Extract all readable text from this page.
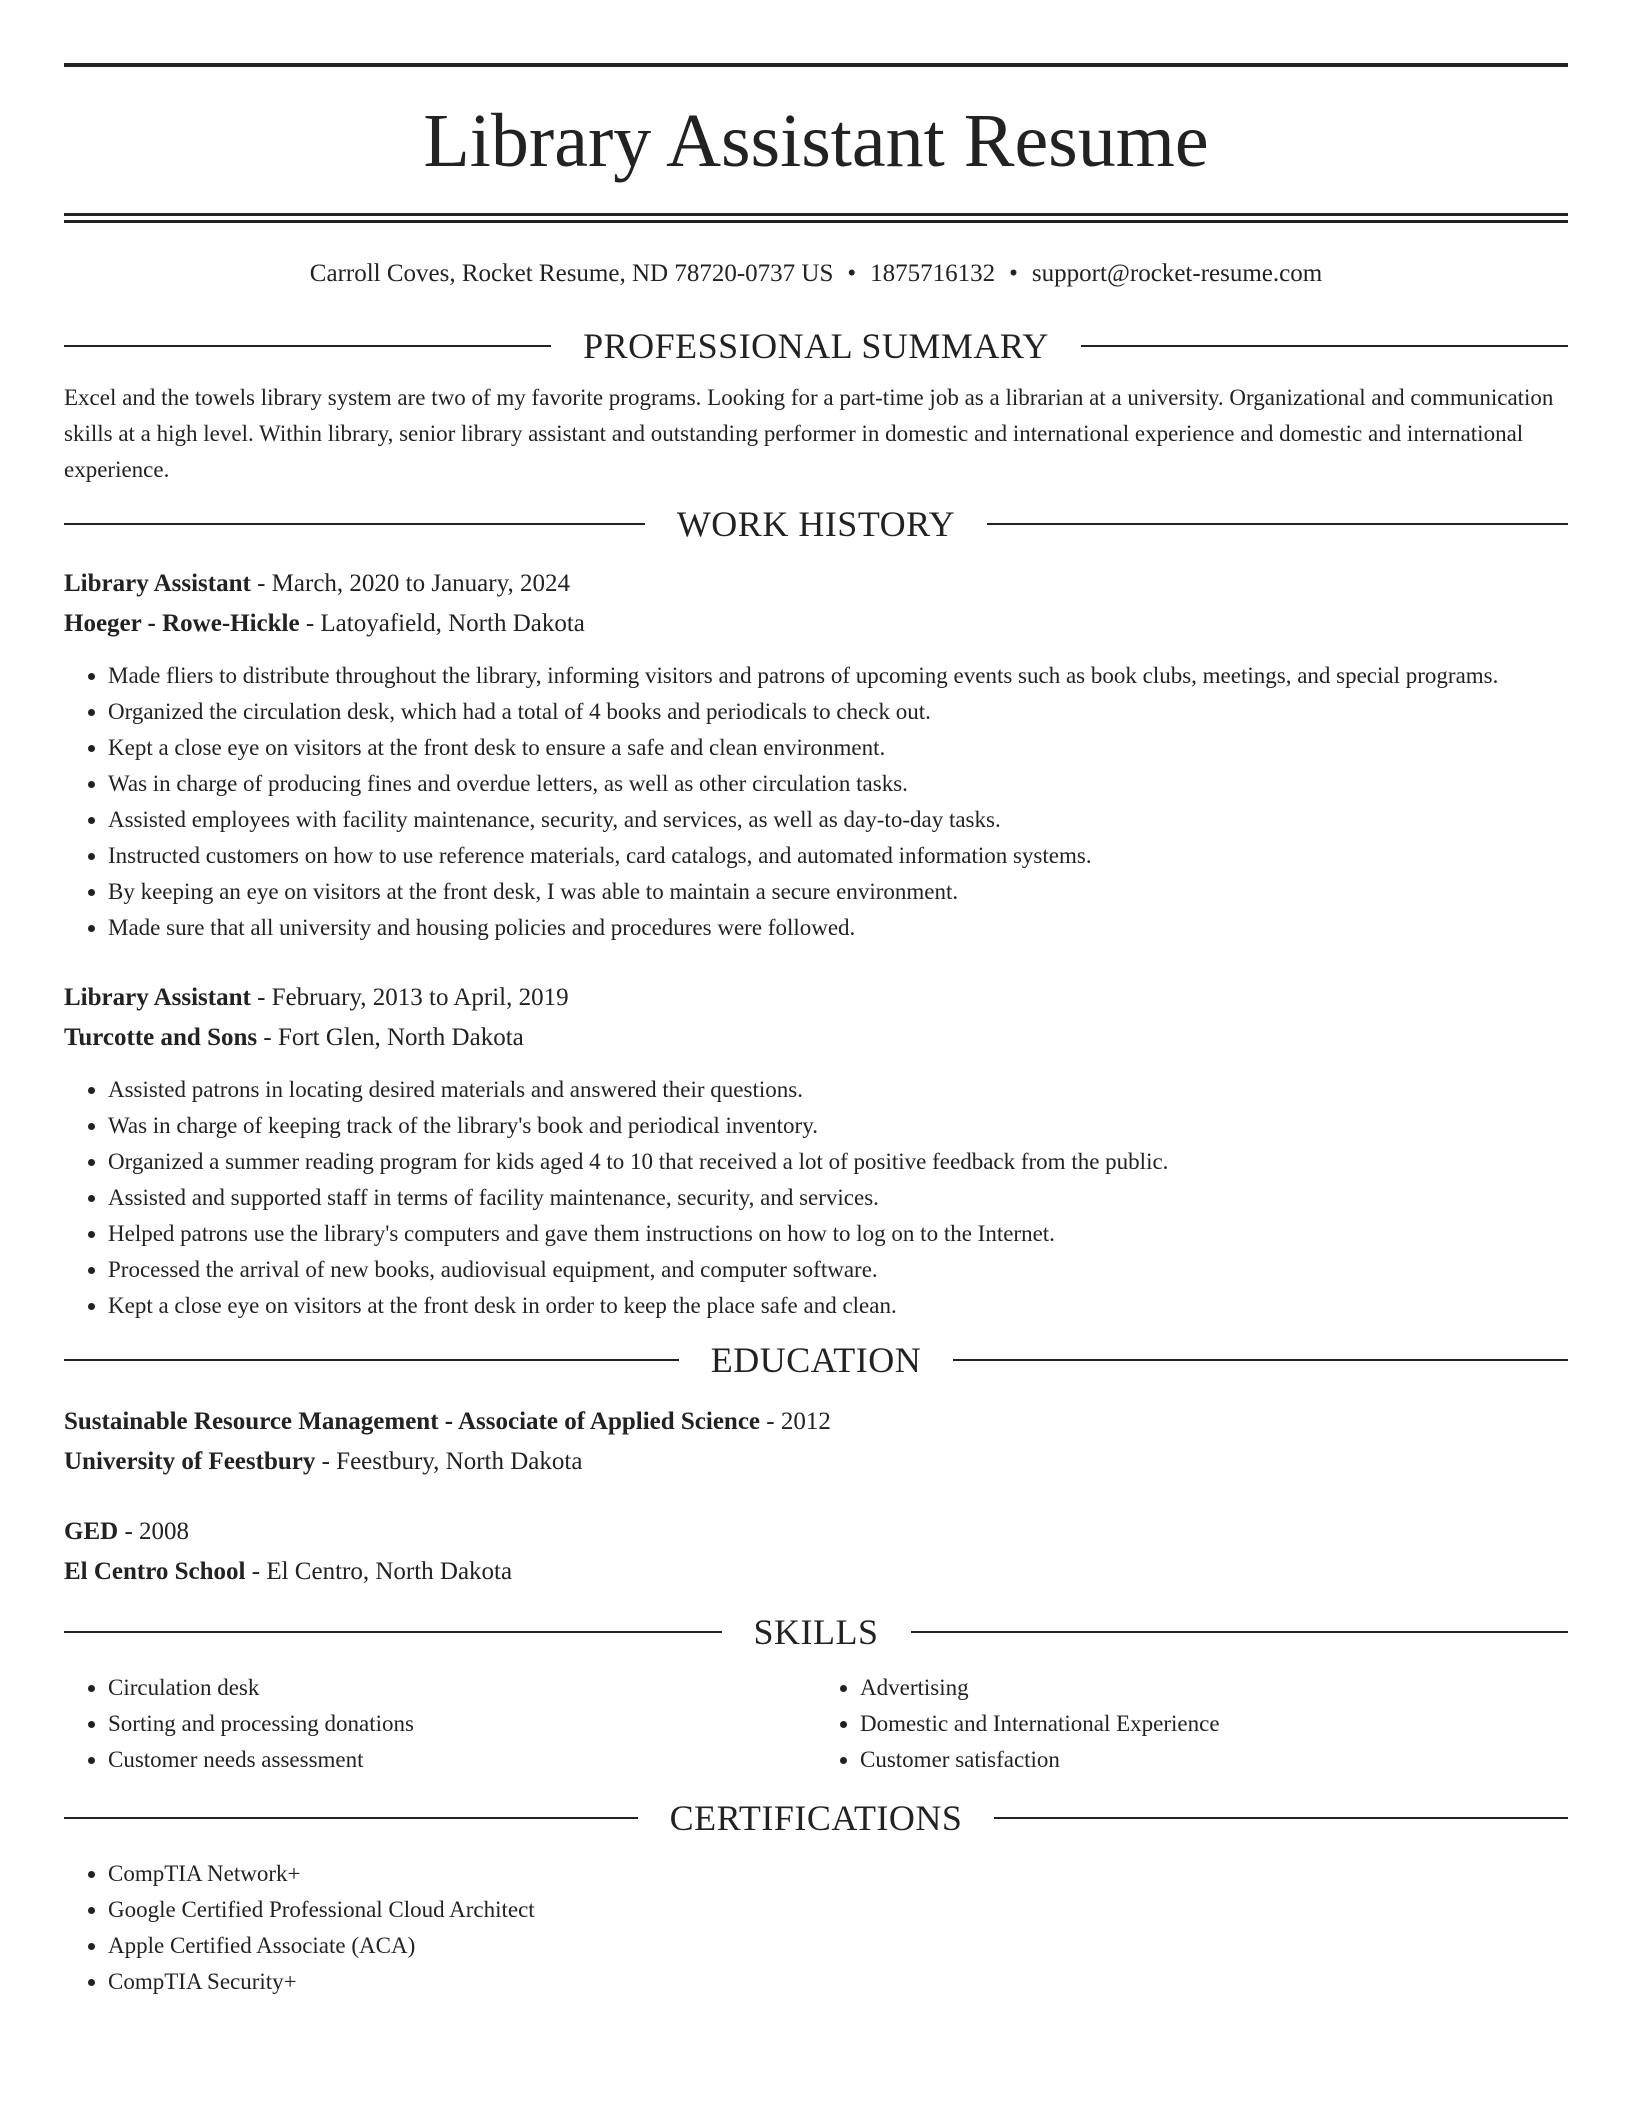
Library Assistant Resume
Carroll Coves, Rocket Resume, ND 78720-0737 US • 1875716132 • support@rocket-resume.com
PROFESSIONAL SUMMARY

Excel and the towels library system are two of my favorite programs. Looking for a part-time job as a librarian at a university. Organizational and communication skills at a high level. Within library, senior library assistant and outstanding performer in domestic and international experience and domestic and international experience.

WORK HISTORY
Library Assistant - March, 2020 to January, 2024
Hoeger - Rowe-Hickle - Latoyafield, North Dakota
• Made fliers to distribute throughout the library, informing visitors and patrons of upcoming events such as book clubs, meetings, and special programs.
• Organized the circulation desk, which had a total of 4 books and periodicals to check out.
• Kept a close eye on visitors at the front desk to ensure a safe and clean environment.
• Was in charge of producing fines and overdue letters, as well as other circulation tasks.
• Assisted employees with facility maintenance, security, and services, as well as day-to-day tasks.
• Instructed customers on how to use reference materials, card catalogs, and automated information systems.
• By keeping an eye on visitors at the front desk, I was able to maintain a secure environment.
• Made sure that all university and housing policies and procedures were followed.
Library Assistant - February, 2013 to April, 2019
Turcotte and Sons - Fort Glen, North Dakota
• Assisted patrons in locating desired materials and answered their questions.
• Was in charge of keeping track of the library's book and periodical inventory.
• Organized a summer reading program for kids aged 4 to 10 that received a lot of positive feedback from the public.
• Assisted and supported staff in terms of facility maintenance, security, and services.
• Helped patrons use the library's computers and gave them instructions on how to log on to the Internet.
• Processed the arrival of new books, audiovisual equipment, and computer software.
• Kept a close eye on visitors at the front desk in order to keep the place safe and clean.
EDUCATION
Sustainable Resource Management - Associate of Applied Science - 2012
University of Feestbury - Feestbury, North Dakota
GED - 2008
El Centro School - El Centro, North Dakota
SKILLS
• Circulation desk
• Sorting and processing donations
• Customer needs assessment
• Advertising
• Domestic and International Experience
• Customer satisfaction
CERTIFICATIONS
• CompTIA Network+
• Google Certified Professional Cloud Architect
• Apple Certified Associate (ACA)
• CompTIA Security+
